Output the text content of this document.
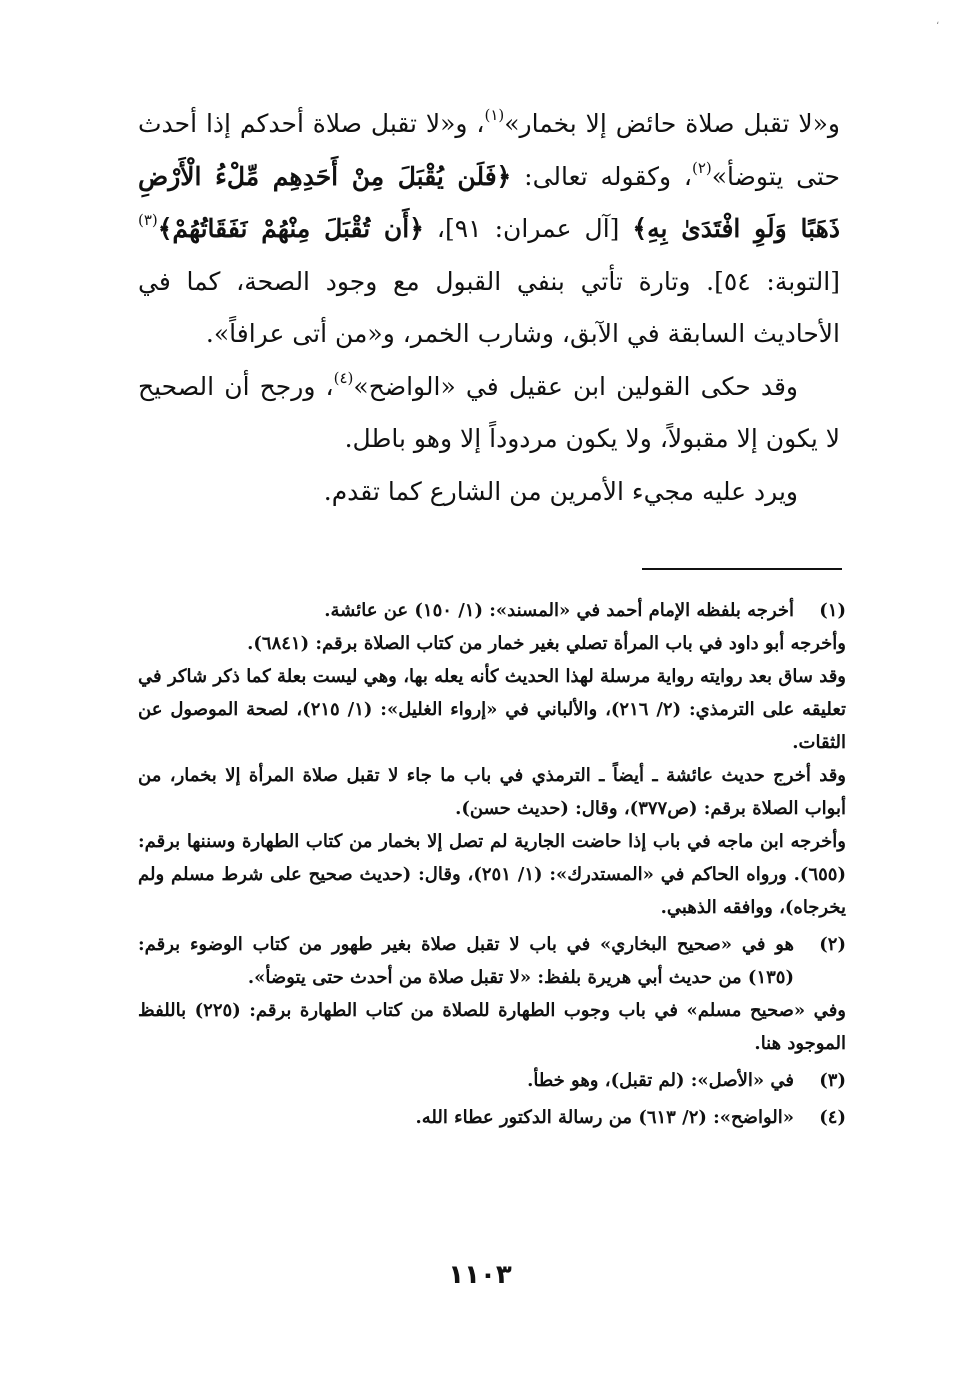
،

و«لا تقبل صلاة حائض إلا بخمار»$^{(١)}$، و«لا تقبل صلاة أحدكم إذا أحدث حتى يتوضأ»$^{(٢)}$، وكقوله تعالى: ﴿فَلَن يُقْبَلَ مِنْ أَحَدِهِم مِّلْءُ الْأَرْضِ ذَهَبًا وَلَوِ افْتَدَىٰ بِهِ﴾ [آل عمران: ٩١]، ﴿أَن تُقْبَلَ مِنْهُمْ نَفَقَاتُهُمْ﴾$^{(٣)}$[التوبة: ٥٤]. وتارة تأتي بنفي القبول مع وجود الصحة، كما في الأحاديث السابقة في الآبق، وشارب الخمر، و«من أتى عرافاً».

وقد حكى القولين ابن عقيل في «الواضح»$^{(٤)}$، ورجح أن الصحيح لا يكون إلا مقبولاً، ولا يكون مردوداً إلا وهو باطل.

ويرد عليه مجيء الأمرين من الشارع كما تقدم.

(١)

أخرجه بلفظه الإمام أحمد في «المسند»: (١/ ١٥٠) عن عائشة.

وأخرجه أبو داود في باب المرأة تصلي بغير خمار من كتاب الصلاة برقم: (٦٨٤١).

وقد ساق بعد روايته رواية مرسلة لهذا الحديث كأنه يعله بها، وهي ليست بعلة كما ذكر شاكر في تعليقه على الترمذي: (٢/ ٢١٦)، والألباني في «إرواء الغليل»: (١/ ٢١٥)، لصحة الموصول عن الثقات.

وقد أخرج حديث عائشة ـ أيضاً ـ الترمذي في باب ما جاء لا تقبل صلاة المرأة إلا بخمار، من أبواب الصلاة برقم: (ص٣٧٧)، وقال: (حديث حسن).

وأخرجه ابن ماجه في باب إذا حاضت الجارية لم تصل إلا بخمار من كتاب الطهارة وسننها برقم: (٦٥٥). ورواه الحاكم في «المستدرك»: (١/ ٢٥١)، وقال: (حديث صحيح على شرط مسلم ولم يخرجاه)، ووافقه الذهبي.

(٢)

هو في «صحيح البخاري» في باب لا تقبل صلاة بغير طهور من كتاب الوضوء برقم: (١٣٥) من حديث أبي هريرة بلفظ: «لا تقبل صلاة من أحدث حتى يتوضأ».

وفي «صحيح مسلم» في باب وجوب الطهارة للصلاة من كتاب الطهارة برقم: (٢٢٥) باللفظ الموجود هنا.

(٣)

في «الأصل»: (لم تقبل)، وهو خطأ.

(٤)

«الواضح»: (٢/ ٦١٣) من رسالة الدكتور عطاء الله.

١١٠٣
